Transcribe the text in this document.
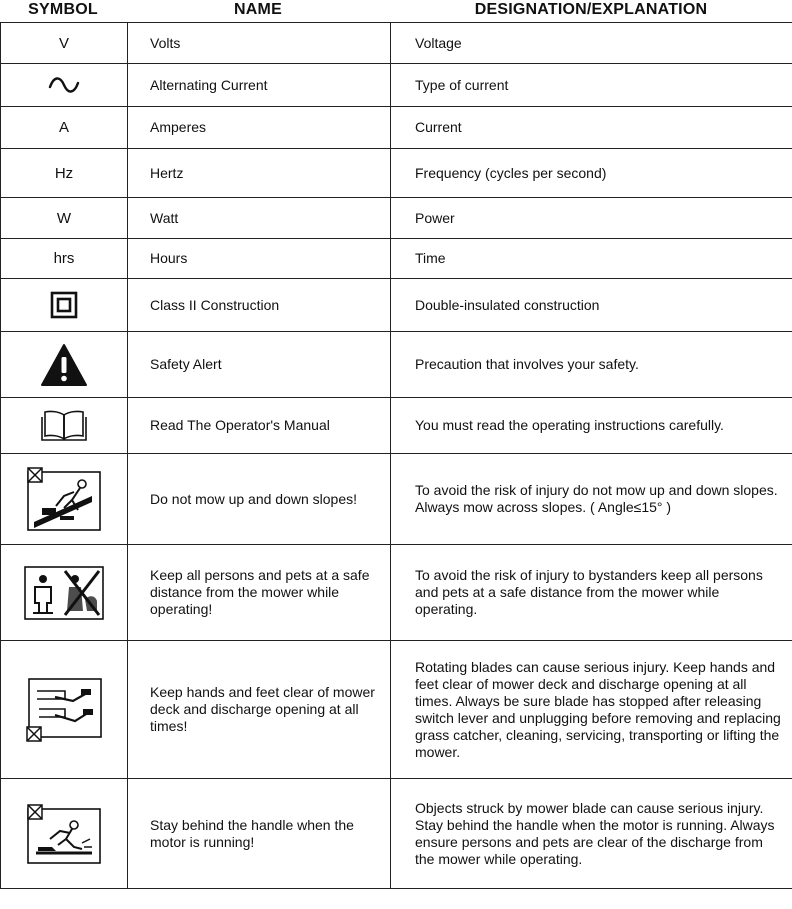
SYMBOL	NAME	DESIGNATION/EXPLANATION
V	Volts	Voltage
	Alternating Current	Type of current
A	Amperes	Current
Hz	Hertz	Frequency (cycles per second)
W	Watt	Power
hrs	Hours	Time
	Class II Construction	Double-insulated construction
	Safety Alert	Precaution that involves your safety.
	Read The Operator's Manual	You must read the operating instructions carefully.
	Do not mow up and down slopes!	To avoid the risk of injury do not mow up and down slopes. Always mow across slopes. ( Angle≤15° )
	Keep all persons and pets at a safe distance from the mower while operating!	To avoid the risk of injury to bystanders keep all persons and pets at a safe distance from the mower while operating.
	Keep hands and feet clear of mower deck and discharge opening at all times!	Rotating blades can cause serious injury. Keep hands and feet clear of mower deck and discharge opening at all times. Always be sure blade has stopped after releasing switch lever and unplugging before removing and replacing grass catcher, cleaning, servicing, transporting or lifting the mower.
	Stay behind the handle when the motor is running!	Objects struck by mower blade can cause serious injury. Stay behind the handle when the motor is running. Always ensure persons and pets are clear of the discharge from the mower while operating.
